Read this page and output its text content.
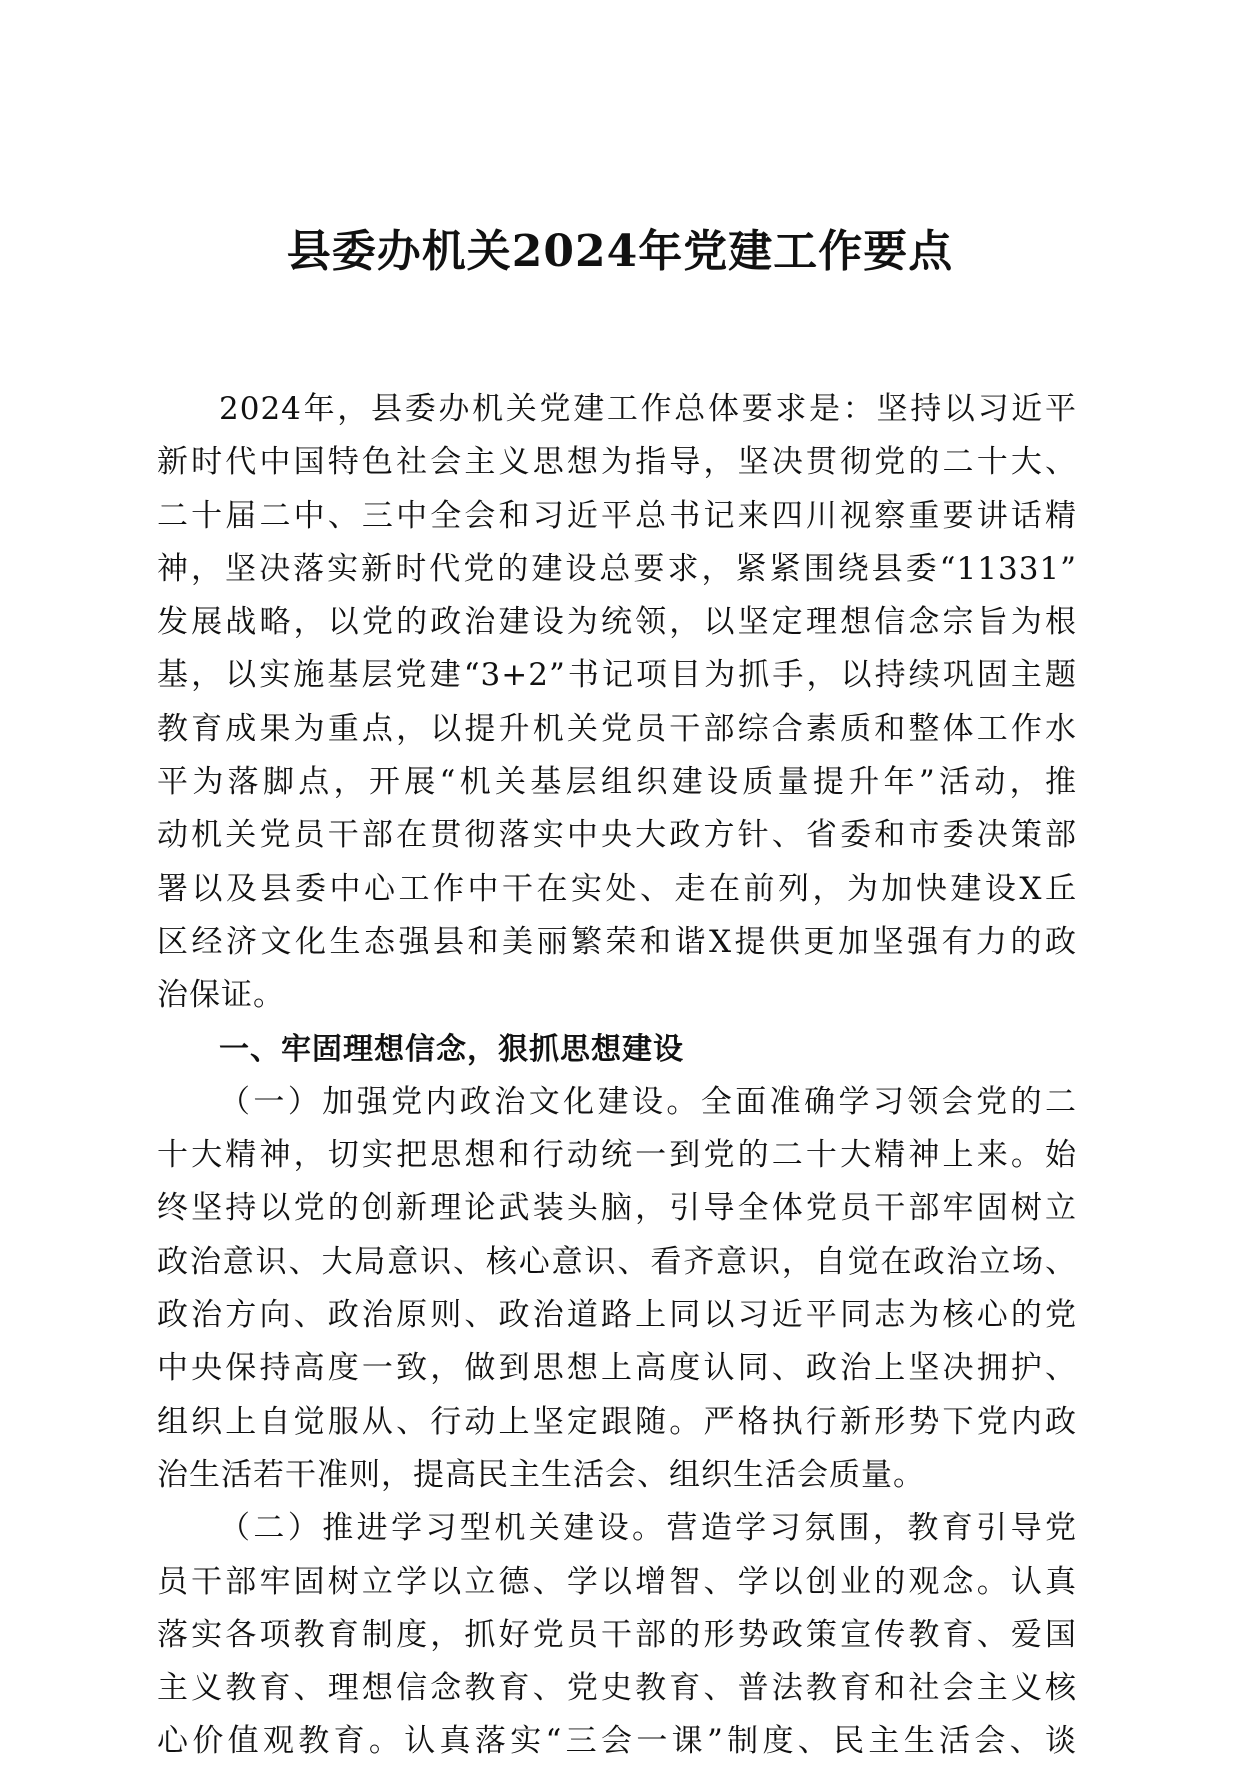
县委办机关2024年党建工作要点
2024年，县委办机关党建工作总体要求是：坚持以习近平
新时代中国特色社会主义思想为指导，坚决贯彻党的二十大、
二十届二中、三中全会和习近平总书记来四川视察重要讲话精
神，坚决落实新时代党的建设总要求，紧紧围绕县委“11331”
发展战略，以党的政治建设为统领，以坚定理想信念宗旨为根
基，以实施基层党建“3+2”书记项目为抓手，以持续巩固主题
教育成果为重点，以提升机关党员干部综合素质和整体工作水
平为落脚点，开展“机关基层组织建设质量提升年”活动，推
动机关党员干部在贯彻落实中央大政方针、省委和市委决策部
署以及县委中心工作中干在实处、走在前列，为加快建设X丘
区经济文化生态强县和美丽繁荣和谐X提供更加坚强有力的政
治保证。
一、牢固理想信念，狠抓思想建设
（一）加强党内政治文化建设。全面准确学习领会党的二
十大精神，切实把思想和行动统一到党的二十大精神上来。始
终坚持以党的创新理论武装头脑，引导全体党员干部牢固树立
政治意识、大局意识、核心意识、看齐意识，自觉在政治立场、
政治方向、政治原则、政治道路上同以习近平同志为核心的党
中央保持高度一致，做到思想上高度认同、政治上坚决拥护、
组织上自觉服从、行动上坚定跟随。严格执行新形势下党内政
治生活若干准则，提高民主生活会、组织生活会质量。
（二）推进学习型机关建设。营造学习氛围，教育引导党
员干部牢固树立学以立德、学以增智、学以创业的观念。认真
落实各项教育制度，抓好党员干部的形势政策宣传教育、爱国
主义教育、理想信念教育、党史教育、普法教育和社会主义核
心价值观教育。认真落实“三会一课”制度、民主生活会、谈
